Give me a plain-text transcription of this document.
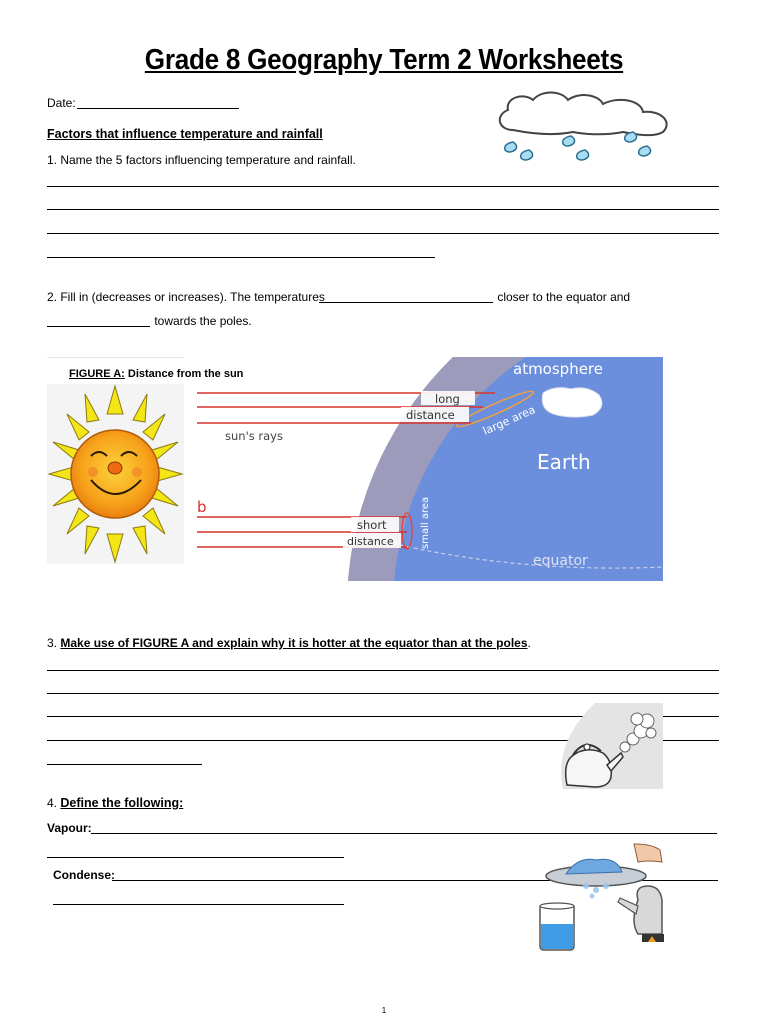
Grade 8 Geography Term 2 Worksheets
Date:
Factors that influence temperature and rainfall
1. Name the 5 factors influencing temperature and rainfall.
2. Fill in (decreases or increases). The temperatures	closer to the equator and
towards the poles.
FIGURE A: Distance from the sun	atmosphere
long
distance large area
sun's rays
Earth
b
short
distance	small area
equator
3. Make use of FIGURE A and explain why it is hotter at the equator than at the poles.
4. Define the following:
Vapour:
Condense:
1
